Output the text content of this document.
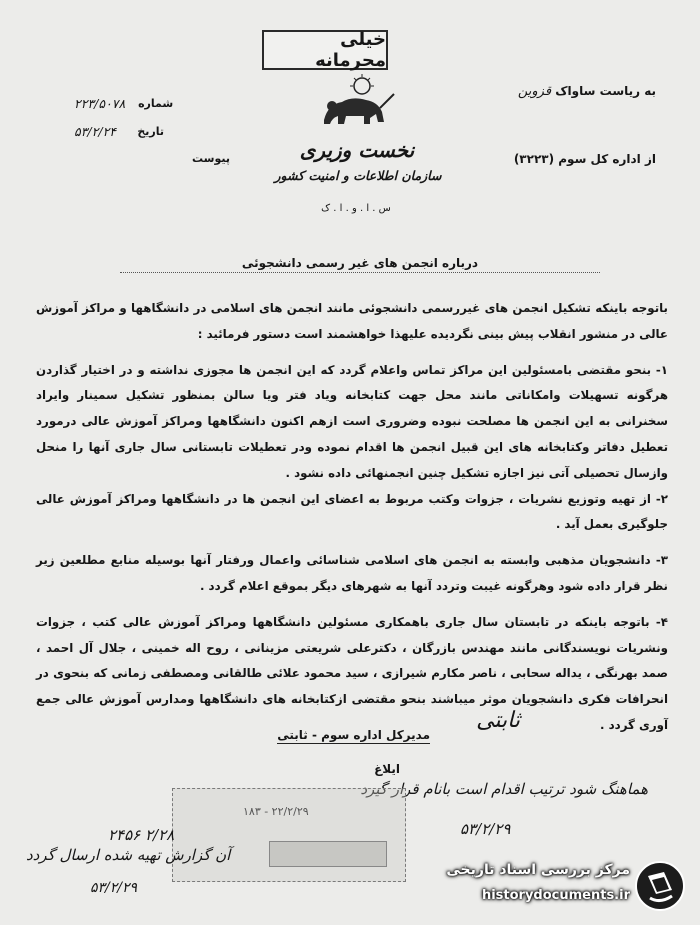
خیلی محرمانه
نخست وزیری
سازمان اطلاعات و امنیت کشور
س . ا . و . ا . ک
۲۲۳/۵۰۷۸	شماره
۵۳/۲/۲۴	تاریخ
پیوست
به ریاست ساواک قزوین
از اداره کل سوم (۳۲۲۳)
درباره انجمن های غیر رسمی دانشجوئی

باتوجه باینکه تشکیل انجمن های غیررسمی دانشجوئی مانند انجمن های اسلامی در دانشگاهها و مراکز آموزش عالی در منشور انقلاب پیش بینی نگردیده علیهذا خواهشمند است دستور فرمائید :

۱- بنحو مقتضی بامسئولین این مراکز تماس واعلام گردد که این انجمن ها مجوزی نداشته و در اختیار گذاردن هرگونه تسهیلات وامکاناتی مانند محل جهت کتابخانه ویاد فتر ویا سالن بمنظور تشکیل سمینار وایراد سخنرانی به این انجمن ها مصلحت نبوده وضروری است ازهم اکنون دانشگاهها ومراکز آموزش عالی درمورد تعطیل دفاتر وکتابخانه های این قبیل انجمن ها اقدام نموده ودر تعطیلات تابستانی سال جاری آنها را منحل وازسال تحصیلی آتی نیز اجازه تشکیل چنین انجمنهائی داده نشود .

۲- از تهیه وتوزیع نشریات ، جزوات وکتب مربوط به اعضای این انجمن ها در دانشگاهها ومراکز آموزش عالی جلوگیری بعمل آید .

۳- دانشجویان مذهبی وابسته به انجمن های اسلامی شناسائی واعمال ورفتار آنها بوسیله منابع مطلعین زیر نظر قرار داده شود وهرگونه غیبت وتردد آنها به شهرهای دیگر بموقع اعلام گردد .

۴- باتوجه باینکه در تابستان سال جاری باهمکاری مسئولین دانشگاهها ومراکز آموزش عالی کتب ، جزوات ونشریات نویسندگانی مانند مهندس بازرگان ، دکترعلی شریعتی مزینانی ، روح اله خمینی ، جلال آل احمد ، صمد بهرنگی ، یداله سحابی ، ناصر مکارم شیرازی ، سید محمود علائی طالقانی ومصطفی زمانی که بنحوی در انحرافات فکری دانشجویان موثر میباشند بنحو مقتضی ازکتابخانه های دانشگاهها ومدارس آموزش عالی جمع آوری گردد .

ثابتی
مدیرکل اداره سوم - ثابتی
ایلاغ
هماهنگ شود ترتیب اقدام است بانام قرار گیرد
۵۳/۲/۲۹
۱۸۳ - ۲۲/۲/۲۹
۲۴۵۶ ۲/۲۸
آن گزارش تهیه شده ارسال گردد
۵۳/۲/۲۹
مرکز بررسی اسناد تاریخی
historydocuments.ir
